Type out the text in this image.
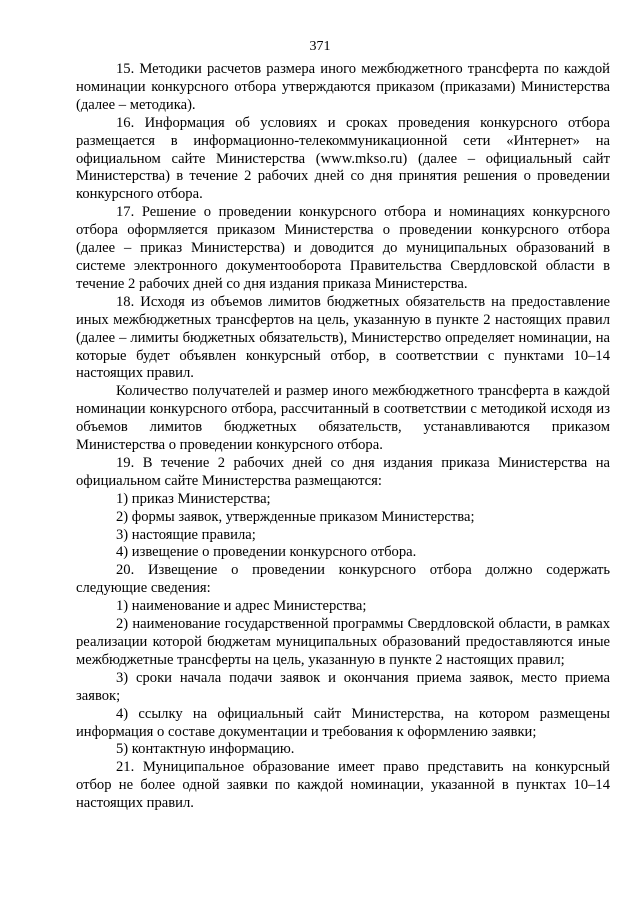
371

15. Методики расчетов размера иного межбюджетного трансферта по каждой номинации конкурсного отбора утверждаются приказом (приказами) Министерства (далее – методика).

16. Информация об условиях и сроках проведения конкурсного отбора размещается в информационно-телекоммуникационной сети «Интернет» на официальном сайте Министерства (www.mkso.ru) (далее – официальный сайт Министерства) в течение 2 рабочих дней со дня принятия решения о проведении конкурсного отбора.

17. Решение о проведении конкурсного отбора и номинациях конкурсного отбора оформляется приказом Министерства о проведении конкурсного отбора (далее – приказ Министерства) и доводится до муниципальных образований в системе электронного документооборота Правительства Свердловской области в течение 2 рабочих дней со дня издания приказа Министерства.

18. Исходя из объемов лимитов бюджетных обязательств на предоставление иных межбюджетных трансфертов на цель, указанную в пункте 2 настоящих правил (далее – лимиты бюджетных обязательств), Министерство определяет номинации, на которые будет объявлен конкурсный отбор, в соответствии с пунктами 10–14 настоящих правил.

Количество получателей и размер иного межбюджетного трансферта в каждой номинации конкурсного отбора, рассчитанный в соответствии с методикой исходя из объемов лимитов бюджетных обязательств, устанавливаются приказом Министерства о проведении конкурсного отбора.

19. В течение 2 рабочих дней со дня издания приказа Министерства на официальном сайте Министерства размещаются:

1) приказ Министерства;

2) формы заявок, утвержденные приказом Министерства;

3) настоящие правила;

4) извещение о проведении конкурсного отбора.

20. Извещение о проведении конкурсного отбора должно содержать следующие сведения:

1) наименование и адрес Министерства;

2) наименование государственной программы Свердловской области, в рамках реализации которой бюджетам муниципальных образований предоставляются иные межбюджетные трансферты на цель, указанную в пункте 2 настоящих правил;

3) сроки начала подачи заявок и окончания приема заявок, место приема заявок;

4) ссылку на официальный сайт Министерства, на котором размещены информация о составе документации и требования к оформлению заявки;

5) контактную информацию.

21. Муниципальное образование имеет право представить на конкурсный отбор не более одной заявки по каждой номинации, указанной в пунктах 10–14 настоящих правил.
